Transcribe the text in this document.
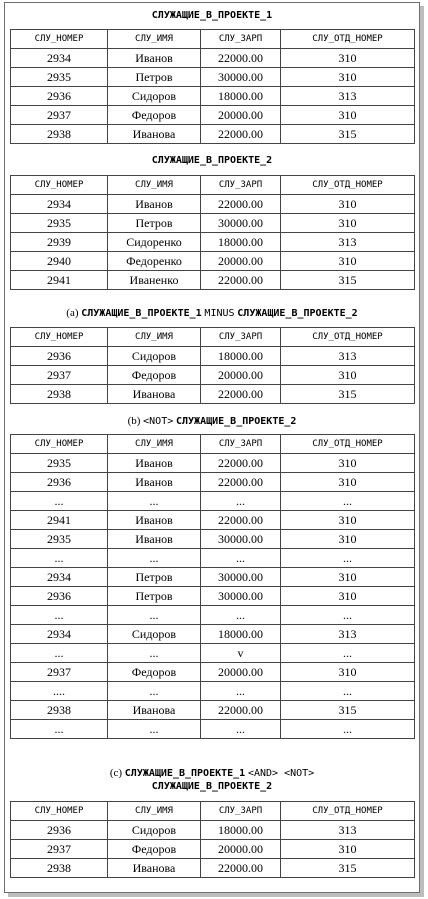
СЛУЖАЩИЕ_В_ПРОЕКТЕ_1
СЛУ_НОМЕР	СЛУ_ИМЯ	СЛУ_ЗАРП	СЛУ_ОТД_НОМЕР
2934	Иванов	22000.00	310
2935	Петров	30000.00	310
2936	Сидоров	18000.00	313
2937	Федоров	20000.00	310
2938	Иванова	22000.00	315
СЛУЖАЩИЕ_В_ПРОЕКТЕ_2
СЛУ_НОМЕР	СЛУ_ИМЯ	СЛУ_ЗАРП	СЛУ_ОТД_НОМЕР
2934	Иванов	22000.00	310
2935	Петров	30000.00	310
2939	Сидоренко	18000.00	313
2940	Федоренко	20000.00	310
2941	Иваненко	22000.00	315
(a) СЛУЖАЩИЕ_В_ПРОЕКТЕ_1 MINUS СЛУЖАЩИЕ_В_ПРОЕКТЕ_2
СЛУ_НОМЕР	СЛУ_ИМЯ	СЛУ_ЗАРП	СЛУ_ОТД_НОМЕР
2936	Сидоров	18000.00	313
2937	Федоров	20000.00	310
2938	Иванова	22000.00	315
(b) <NOT> СЛУЖАЩИЕ_В_ПРОЕКТЕ_2
СЛУ_НОМЕР	СЛУ_ИМЯ	СЛУ_ЗАРП	СЛУ_ОТД_НОМЕР
2935	Иванов	22000.00	310
2936	Иванов	22000.00	310
...	...	...	...
2941	Иванов	22000.00	310
2935	Иванов	30000.00	310
...	...	...	...
2934	Петров	30000.00	310
2936	Петров	30000.00	310
...	...	...	...
2934	Сидоров	18000.00	313
...	...	v	...
2937	Федоров	20000.00	310
....	...	...	...
2938	Иванова	22000.00	315
...	...	...	...
(c) СЛУЖАЩИЕ_В_ПРОЕКТЕ_1 <AND> <NOT>
СЛУЖАЩИЕ_В_ПРОЕКТЕ_2
СЛУ_НОМЕР	СЛУ_ИМЯ	СЛУ_ЗАРП	СЛУ_ОТД_НОМЕР
2936	Сидоров	18000.00	313
2937	Федоров	20000.00	310
2938	Иванова	22000.00	315
